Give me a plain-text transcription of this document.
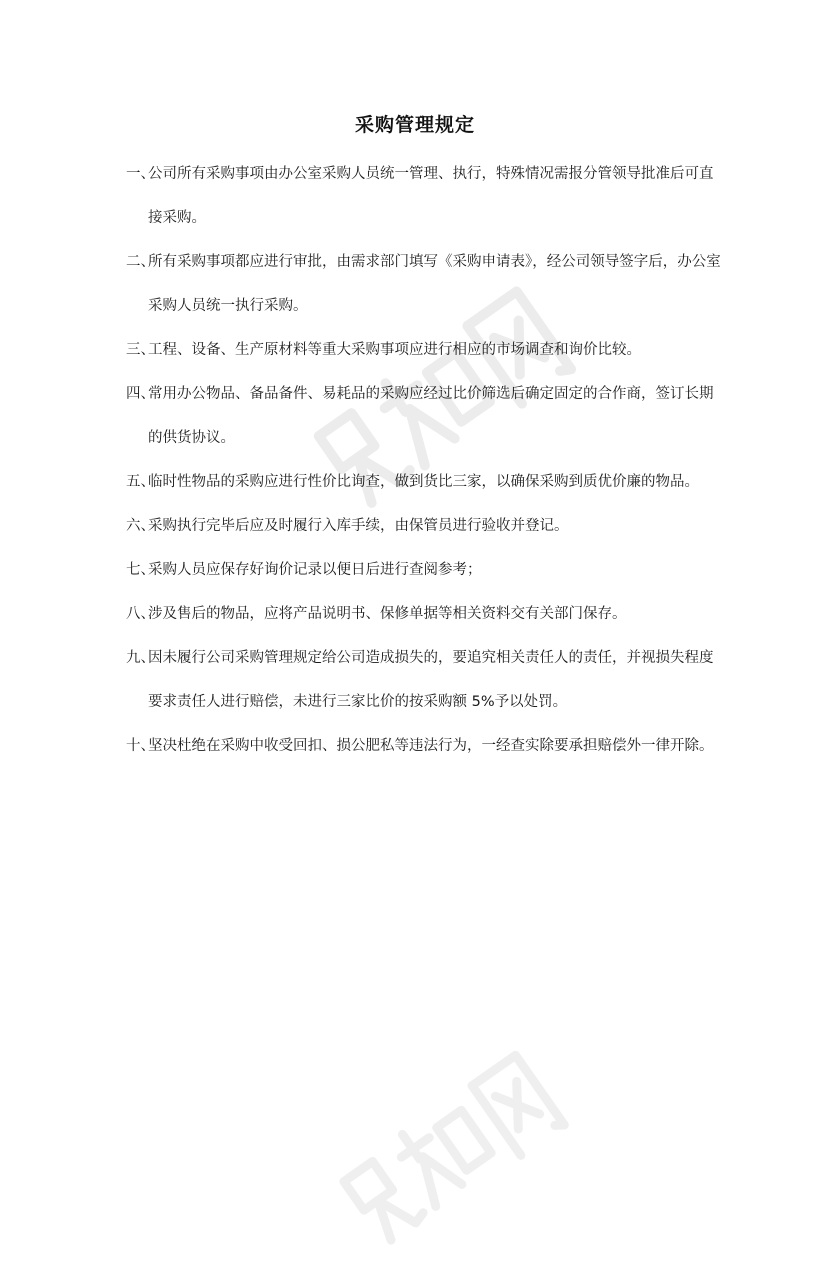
采购管理规定
一、
公司所有采购事项由办公室采购人员统一管理、执行，特殊情况需报分管领导批准后可直接采购。
二、
所有采购事项都应进行审批，由需求部门填写《采购申请表》，经公司领导签字后，办公室采购人员统一执行采购。
三、
工程、设备、生产原材料等重大采购事项应进行相应的市场调查和询价比较。
四、
常用办公物品、备品备件、易耗品的采购应经过比价筛选后确定固定的合作商，签订长期的供货协议。
五、
临时性物品的采购应进行性价比询查，做到货比三家，以确保采购到质优价廉的物品。
六、
采购执行完毕后应及时履行入库手续，由保管员进行验收并登记。
七、
采购人员应保存好询价记录以便日后进行查阅参考；
八、
涉及售后的物品，应将产品说明书、保修单据等相关资料交有关部门保存。
九、
因未履行公司采购管理规定给公司造成损失的，要追究相关责任人的责任，并视损失程度要求责任人进行赔偿，未进行三家比价的按采购额 5%予以处罚。
十、
坚决杜绝在采购中收受回扣、损公肥私等违法行为，一经查实除要承担赔偿外一律开除。
